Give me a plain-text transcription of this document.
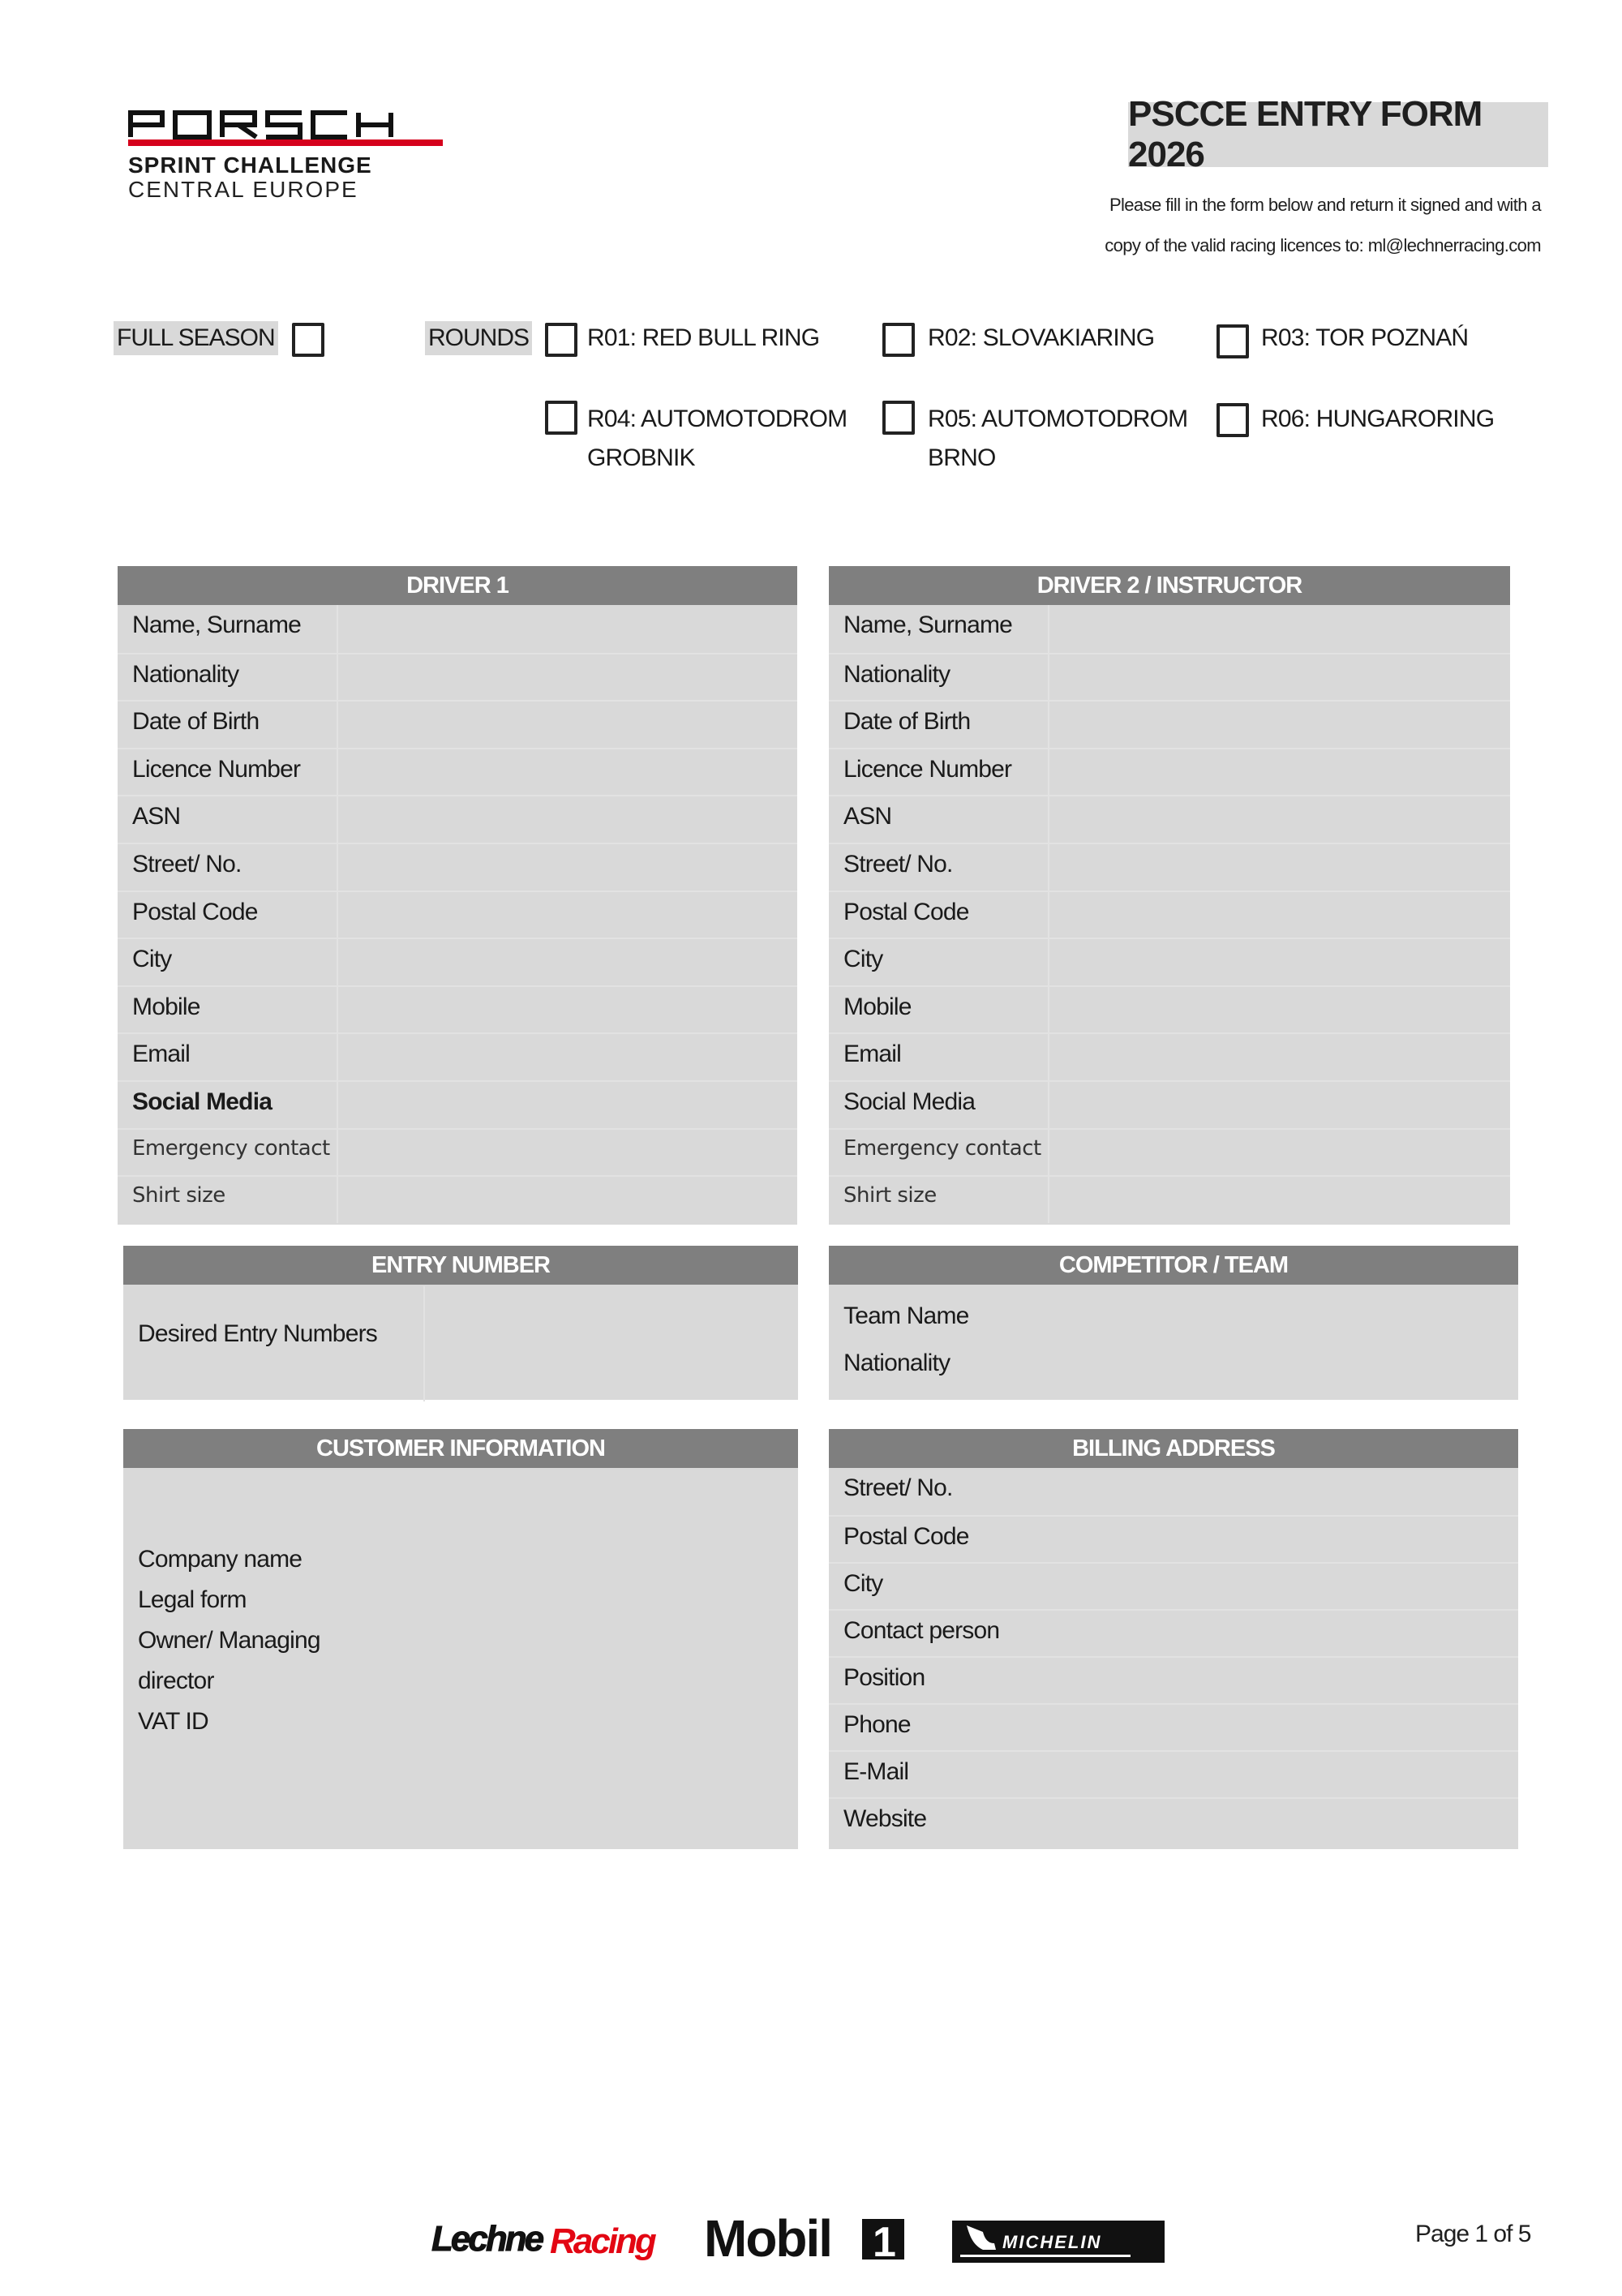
SPRINT CHALLENGE
CENTRAL EUROPE
PSCCE ENTRY FORM 2026
Please fill in the form below and return it signed and with a
copy of the valid racing licences to: ml@lechnerracing.com
FULL SEASON	ROUNDS R01: RED BULL RING	R02: SLOVAKIARING	R03: TOR POZNAŃ
R04: AUTOMOTODROM
GROBNIK
R05: AUTOMOTODROM
BRNO
R06: HUNGARORING
DRIVER 1
Name, Surname
Nationality
Date of Birth
Licence Number
ASN
Street/ No.
Postal Code
City
Mobile
Email
Social Media
Emergency contact
Shirt size
DRIVER 2 / INSTRUCTOR
Name, Surname
Nationality
Date of Birth
Licence Number
ASN
Street/ No.
Postal Code
City
Mobile
Email
Social Media
Emergency contact
Shirt size
ENTRY NUMBER
Desired Entry Numbers
COMPETITOR / TEAM
Team Name
Nationality
CUSTOMER INFORMATION
Company name
Legal form
Owner/ Managing
director
VAT ID
BILLING ADDRESS
Street/ No.
Postal Code
City
Contact person
Position
Phone
E-Mail
Website
Lechne Racing Mobil 1	MICHELIN	Page 1 of 5
